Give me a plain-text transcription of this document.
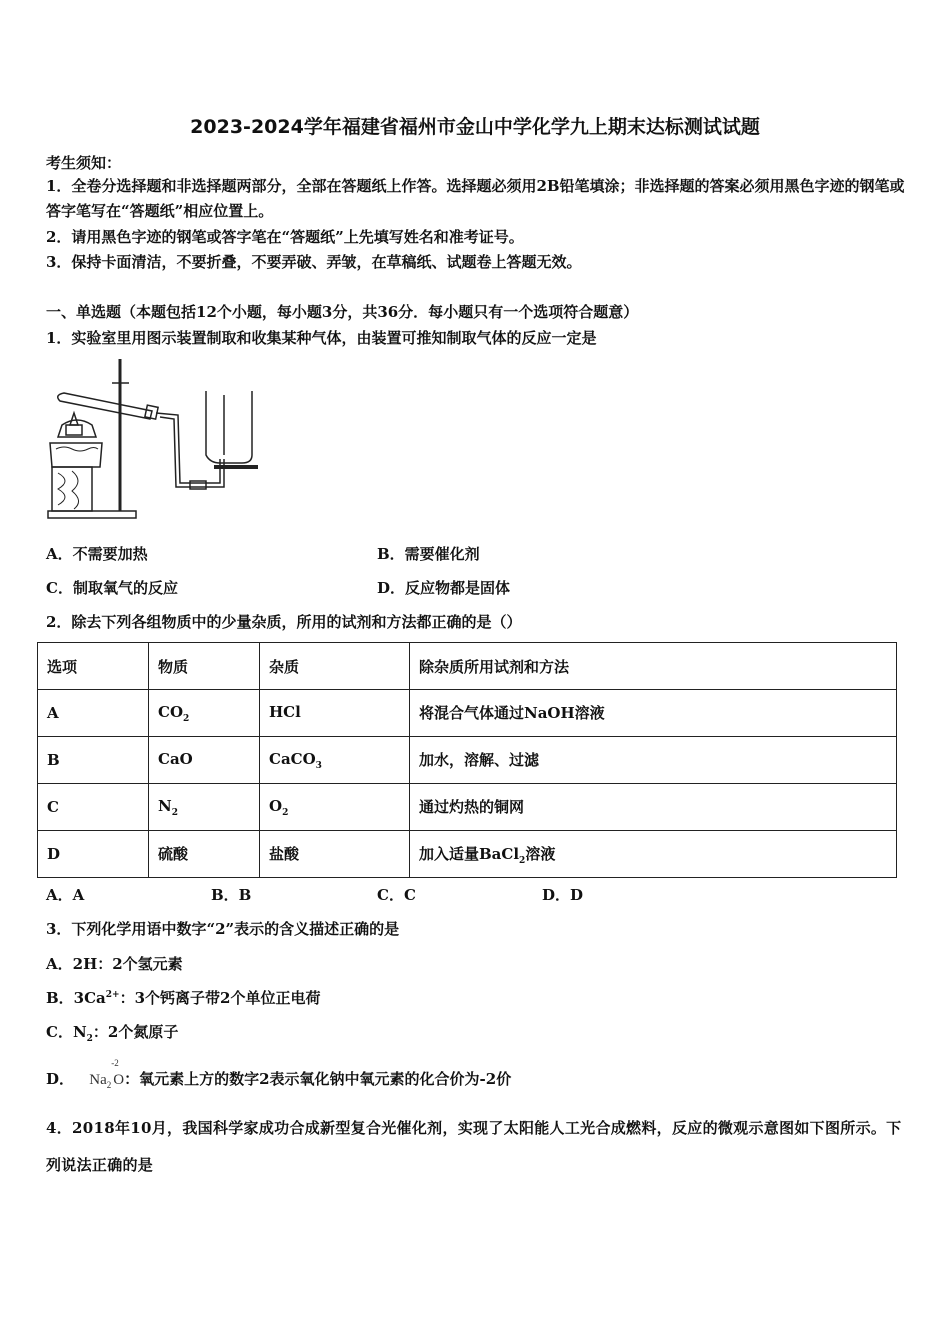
2023-2024学年福建省福州市金山中学化学九上期末达标测试试题
考生须知：
1．全卷分选择题和非选择题两部分，全部在答题纸上作答。选择题必须用2B铅笔填涂；非选择题的答案必须用黑色字迹的钢笔或答字笔写在“答题纸”相应位置上。
2．请用黑色字迹的钢笔或答字笔在“答题纸”上先填写姓名和准考证号。
3．保持卡面清洁，不要折叠，不要弄破、弄皱，在草稿纸、试题卷上答题无效。
一、单选题（本题包括12个小题，每小题3分，共36分．每小题只有一个选项符合题意）
1．实验室里用图示装置制取和收集某种气体，由装置可推知制取气体的反应一定是
A．不需要加热	B．需要催化剂
C．制取氧气的反应	D．反应物都是固体
2．除去下列各组物质中的少量杂质，所用的试剂和方法都正确的是（）
选项	物质	杂质	除杂质所用试剂和方法
A	$CO_2$	HCl	将混合气体通过NaOH溶液
B	CaO	CaCO$_3$	加水，溶解、过滤
C	$N_2$	$O_2$	通过灼热的铜网
D	硫酸	盐酸	加入适量BaCl$_2$溶液
A．A	B．B	C．C	D．D
3．下列化学用语中数字“2”表示的含义描述正确的是
A．2H：2个氢元素
B．$3Ca^{2+}$：3个钙离子带2个单位正电荷
C．$N_2$：2个氮原子
D． $Na_2$
-2
O：氧元素上方的数字2表示氧化钠中氧元素的化合价为-2价
4．2018年10月，我国科学家成功合成新型复合光催化剂，实现了太阳能人工光合成燃料，反应的微观示意图如下图所示。下列说法正确的是
